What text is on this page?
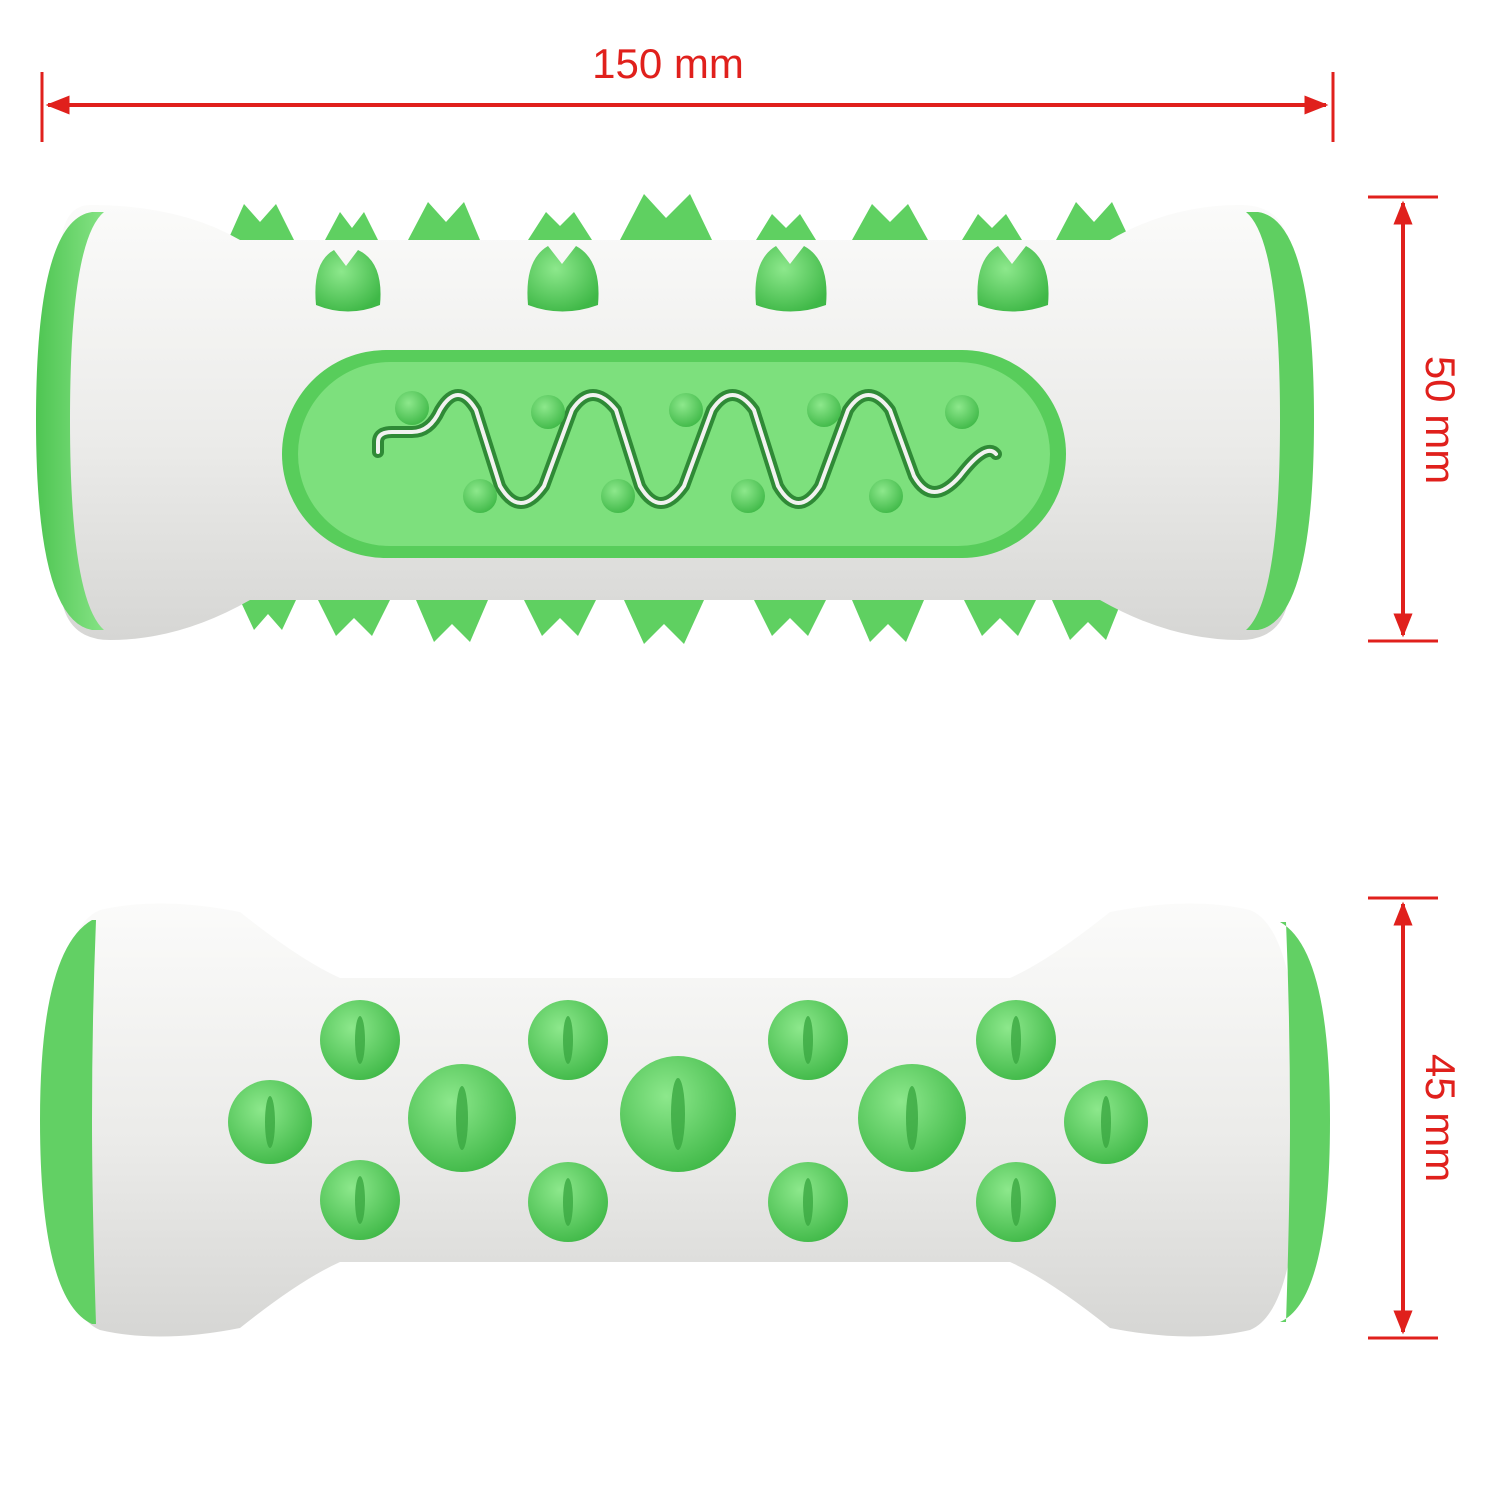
150 mm
50 mm
45 mm
